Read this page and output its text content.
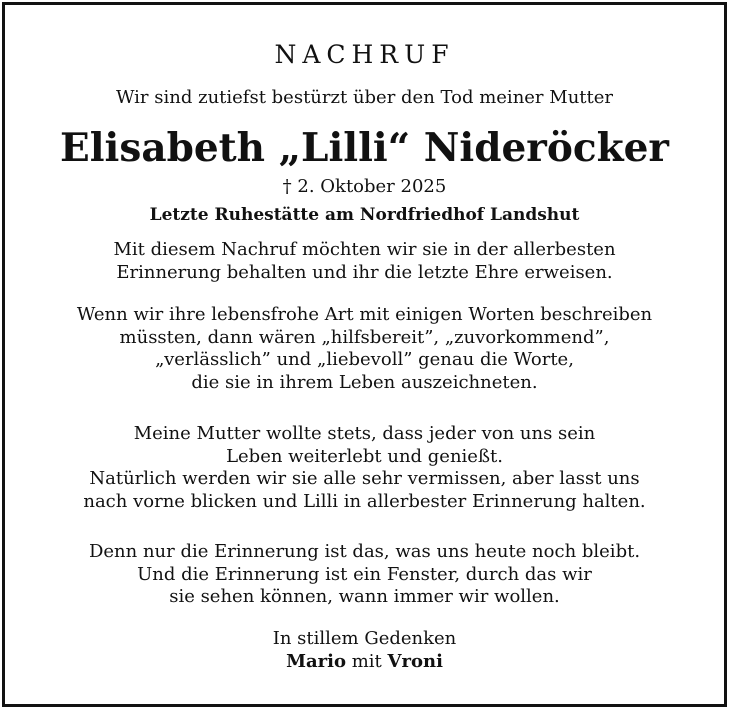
NACHRUF
Wir sind zutiefst bestürzt über den Tod meiner Mutter
Elisabeth „Lilli“ Nideröcker
† 2. Oktober 2025
Letzte Ruhestätte am Nordfriedhof Landshut
Mit diesem Nachruf möchten wir sie in der allerbesten
Erinnerung behalten und ihr die letzte Ehre erweisen.
Wenn wir ihre lebensfrohe Art mit einigen Worten beschreiben
müssten, dann wären „hilfsbereit”, „zuvorkommend”,
„verlässlich” und „liebevoll” genau die Worte,
die sie in ihrem Leben auszeichneten.
Meine Mutter wollte stets, dass jeder von uns sein
Leben weiterlebt und genießt.
Natürlich werden wir sie alle sehr vermissen, aber lasst uns
nach vorne blicken und Lilli in allerbester Erinnerung halten.
Denn nur die Erinnerung ist das, was uns heute noch bleibt.
Und die Erinnerung ist ein Fenster, durch das wir
sie sehen können, wann immer wir wollen.
In stillem Gedenken
Mario mit Vroni
